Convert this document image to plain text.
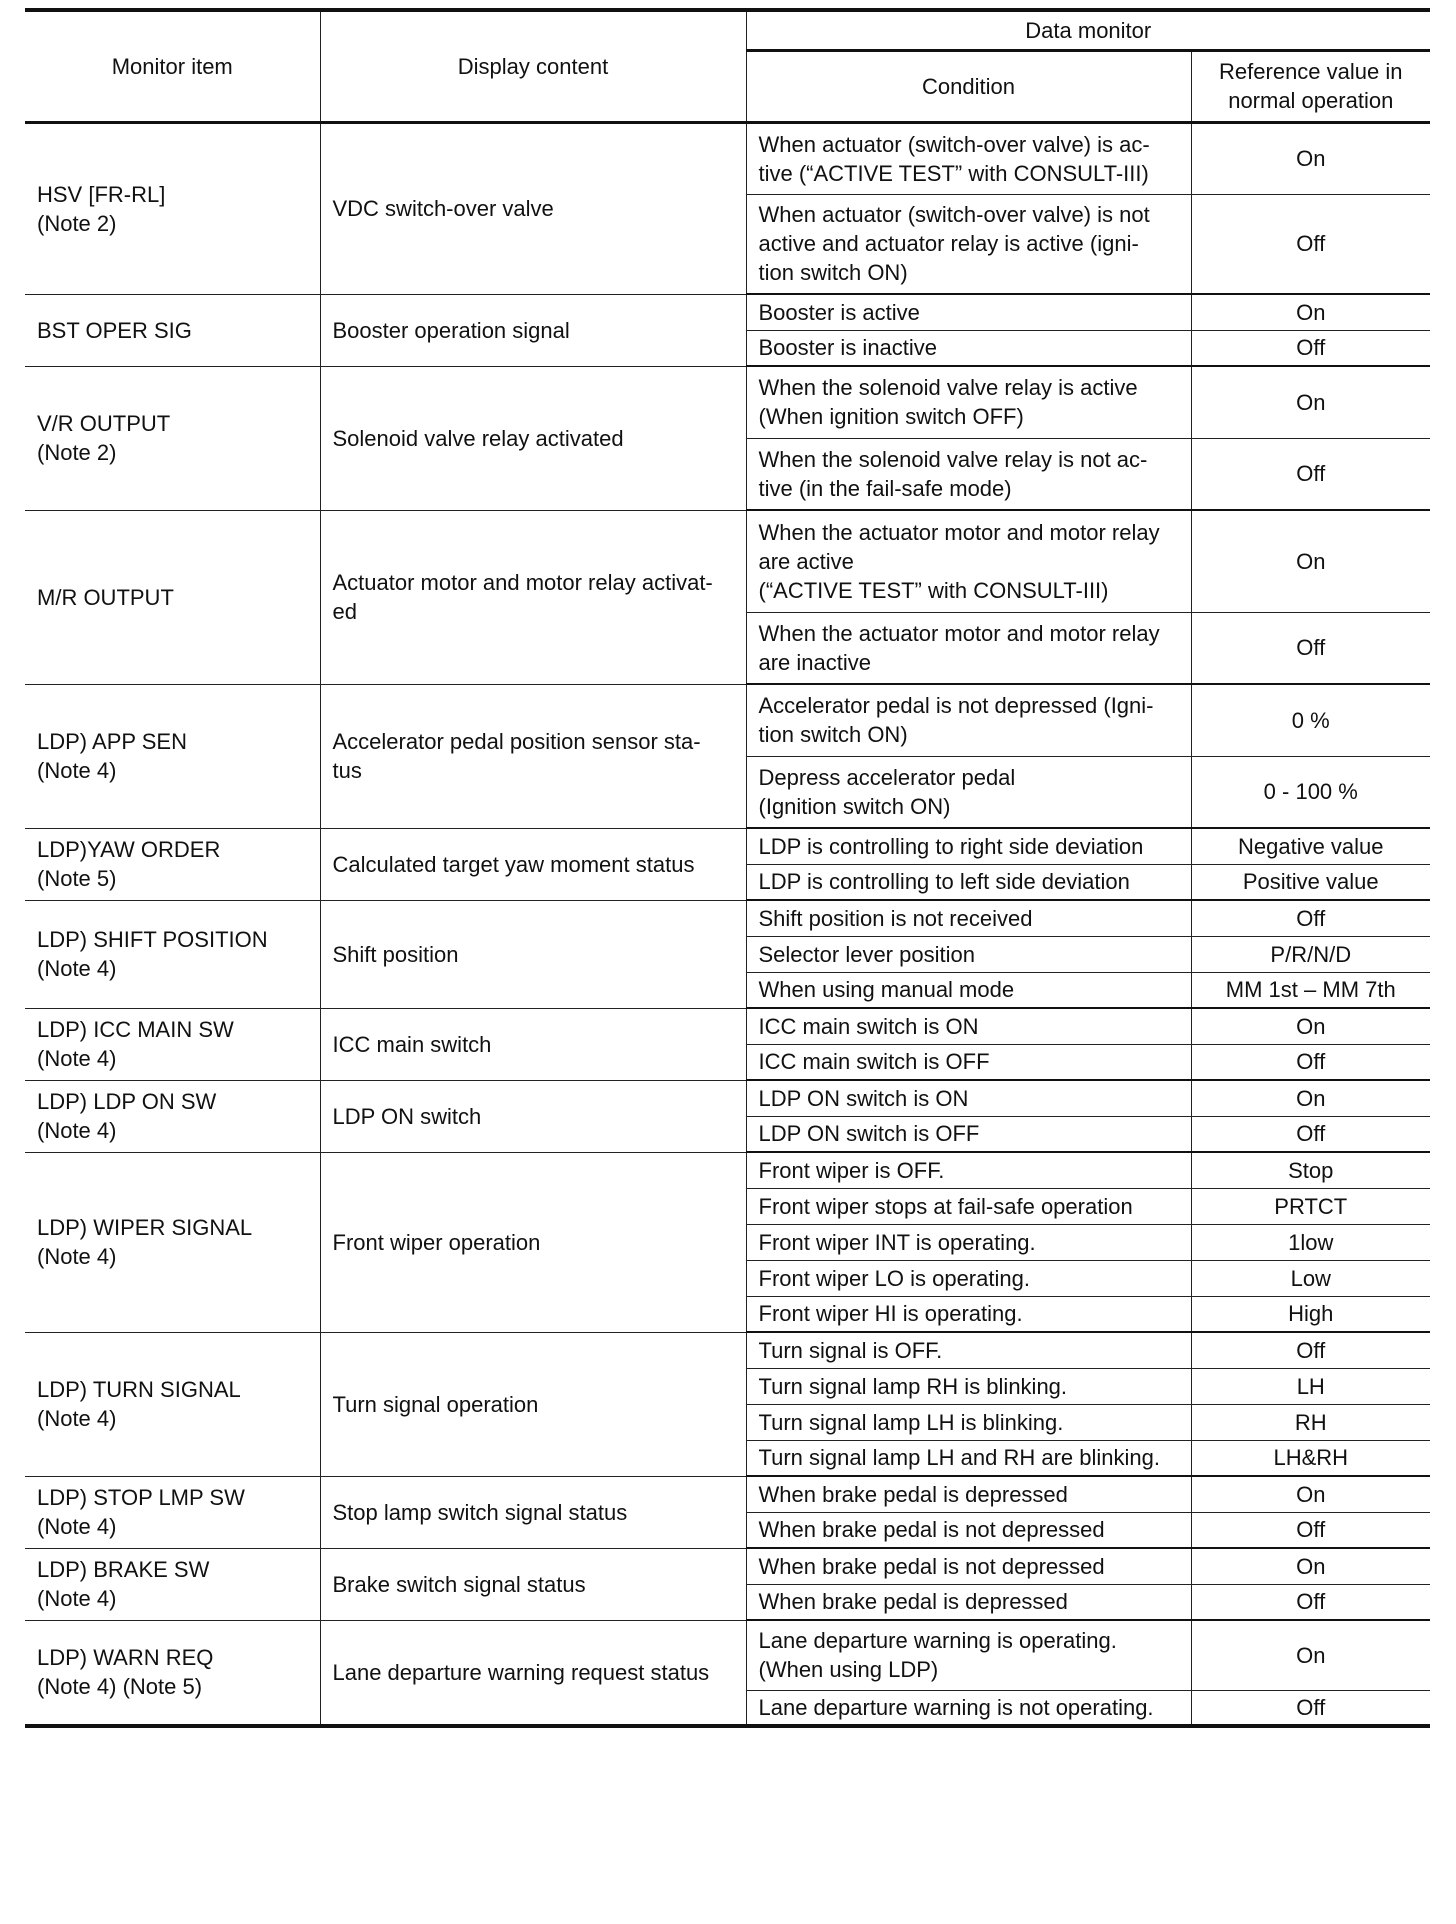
Monitor item	Display content	Data monitor	
		Condition	Reference value in
normal operation
HSV [FR-RL]
(Note 2)	VDC switch-over valve	When actuator (switch-over valve) is ac-
tive (“ACTIVE TEST” with CONSULT-III)	On
		When actuator (switch-over valve) is not
active and actuator relay is active (igni-
tion switch ON)	Off
BST OPER SIG	Booster operation signal	Booster is active	On
		Booster is inactive	Off
V/R OUTPUT
(Note 2)	Solenoid valve relay activated	When the solenoid valve relay is active
(When ignition switch OFF)	On
		When the solenoid valve relay is not ac-
tive (in the fail-safe mode)	Off
M/R OUTPUT	Actuator motor and motor relay activat-
ed	When the actuator motor and motor relay
are active
(“ACTIVE TEST” with CONSULT-III)	On
		When the actuator motor and motor relay
are inactive	Off
LDP) APP SEN
(Note 4)	Accelerator pedal position sensor sta-
tus	Accelerator pedal is not depressed (Igni-
tion switch ON)	0 %
		Depress accelerator pedal
(Ignition switch ON)	0 - 100 %
LDP)YAW ORDER
(Note 5)	Calculated target yaw moment status	LDP is controlling to right side deviation	Negative value
		LDP is controlling to left side deviation	Positive value
LDP) SHIFT POSITION
(Note 4)	Shift position	Shift position is not received	Off
		Selector lever position	P/R/N/D
		When using manual mode	MM 1st – MM 7th
LDP) ICC MAIN SW
(Note 4)	ICC main switch	ICC main switch is ON	On
		ICC main switch is OFF	Off
LDP) LDP ON SW
(Note 4)	LDP ON switch	LDP ON switch is ON	On
		LDP ON switch is OFF	Off
LDP) WIPER SIGNAL
(Note 4)	Front wiper operation	Front wiper is OFF.	Stop
		Front wiper stops at fail-safe operation	PRTCT
		Front wiper INT is operating.	1low
		Front wiper LO is operating.	Low
		Front wiper HI is operating.	High
LDP) TURN SIGNAL
(Note 4)	Turn signal operation	Turn signal is OFF.	Off
		Turn signal lamp RH is blinking.	LH
		Turn signal lamp LH is blinking.	RH
		Turn signal lamp LH and RH are blinking.	LH&RH
LDP) STOP LMP SW
(Note 4)	Stop lamp switch signal status	When brake pedal is depressed	On
		When brake pedal is not depressed	Off
LDP) BRAKE SW
(Note 4)	Brake switch signal status	When brake pedal is not depressed	On
		When brake pedal is depressed	Off
LDP) WARN REQ
(Note 4) (Note 5)	Lane departure warning request status	Lane departure warning is operating.
(When using LDP)	On
		Lane departure warning is not operating.	Off
